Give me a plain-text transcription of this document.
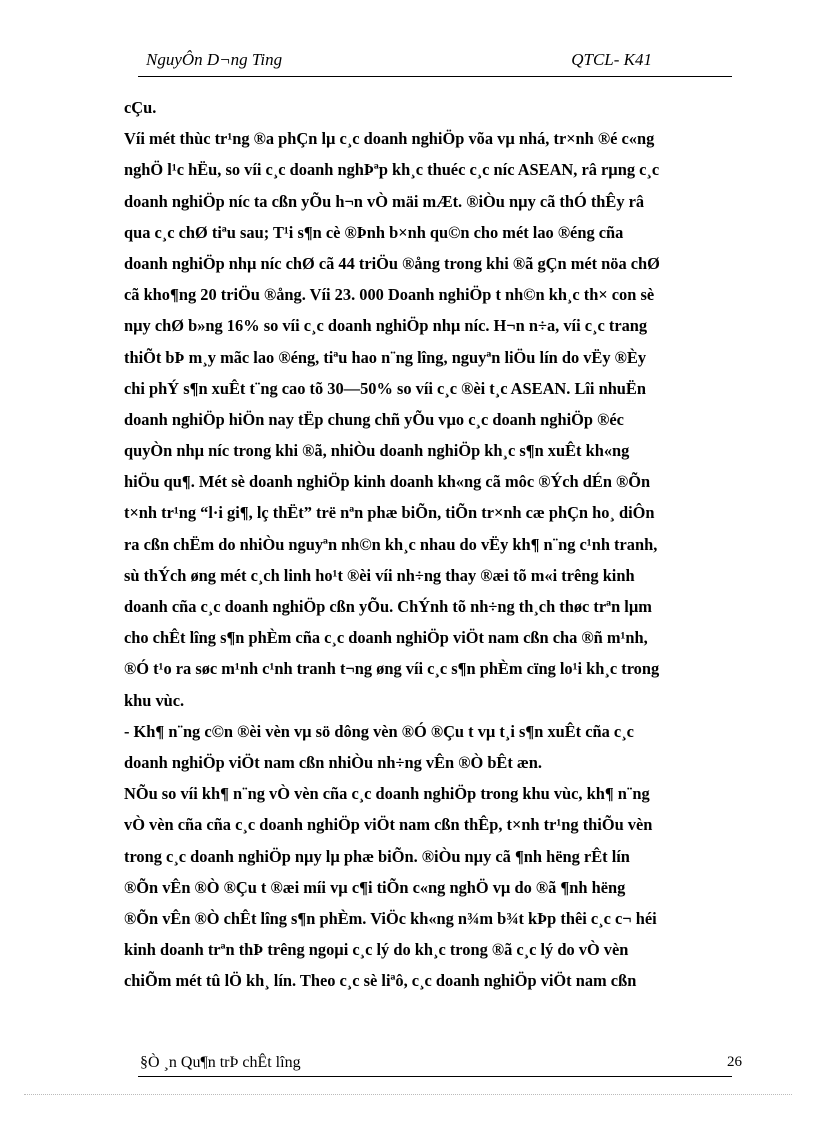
NguyÔn D¬ng Ting	QTCL- K41
cÇu.
Víi mét thùc tr¹ng ®a phÇn lµ c¸c doanh nghiÖp võa vµ nhá, tr×nh ®é c«ng
nghÖ l¹c hËu, so víi c¸c doanh nghÞªp kh¸c thuéc c¸c níc ASEAN, râ rµng c¸c
doanh nghiÖp níc ta cßn yÕu h¬n vÒ mäi mÆt. ®iÒu nµy cã thÓ thÊy râ
qua c¸c chØ tiªu sau; T¹i s¶n cè ®Þnh b×nh qu©n cho mét lao ®éng cña
doanh nghiÖp nhµ níc chØ cã 44 triÖu ®ång trong khi ®ã gÇn mét nöa chØ
cã kho¶ng 20 triÖu ®ång. Víi 23. 000 Doanh nghiÖp t nh©n kh¸c th× con sè
nµy chØ b»ng 16% so víi c¸c doanh nghiÖp nhµ níc. H¬n n÷a, víi c¸c trang
thiÕt bÞ m¸y mãc lao ®éng, tiªu hao n¨ng lîng, nguyªn liÖu lín do vËy ®Èy
chi phÝ s¶n xuÊt t¨ng cao tõ 30—50% so víi c¸c ®èi t¸c ASEAN. Lîi nhuËn
doanh nghiÖp hiÖn nay tËp chung chñ yÕu vµo c¸c doanh nghiÖp ®éc
quyÒn nhµ níc trong khi ®ã, nhiÒu doanh nghiÖp kh¸c s¶n xuÊt kh«ng
hiÖu qu¶. Mét sè doanh nghiÖp kinh doanh kh«ng cã môc ®Ých dÉn ®Õn
t×nh tr¹ng “l·i gi¶, lç thËt” trë nªn phæ biÕn, tiÕn tr×nh cæ phÇn ho¸ diÔn
ra cßn chËm do nhiÒu nguyªn nh©n kh¸c nhau do vËy kh¶ n¨ng c¹nh tranh,
sù thÝch øng mét c¸ch linh ho¹t ®èi víi nh÷ng thay ®æi tõ m«i trêng kinh
doanh cña c¸c doanh nghiÖp cßn yÕu. ChÝnh tõ nh÷ng th¸ch thøc trªn lµm
cho chÊt lîng s¶n phÈm cña c¸c doanh nghiÖp viÖt nam cßn cha ®ñ m¹nh,
®Ó t¹o ra søc m¹nh c¹nh tranh t¬ng øng víi c¸c s¶n phÈm cïng lo¹i kh¸c trong
khu vùc.
- Kh¶ n¨ng c©n ®èi vèn vµ sö dông vèn ®Ó ®Çu t vµ t¸i s¶n xuÊt cña c¸c
doanh nghiÖp viÖt nam cßn nhiÒu nh÷ng vÊn ®Ò bÊt æn.
NÕu so víi kh¶ n¨ng vÒ vèn cña c¸c doanh nghiÖp trong khu vùc, kh¶ n¨ng
vÒ vèn cña cña c¸c doanh nghiÖp viÖt nam cßn thÊp, t×nh tr¹ng thiÕu vèn
trong c¸c doanh nghiÖp nµy lµ phæ biÕn. ®iÒu nµy cã ¶nh hëng rÊt lín
®Õn vÊn ®Ò ®Çu t ®æi míi vµ c¶i tiÕn c«ng nghÖ vµ do ®ã ¶nh hëng
®Õn vÊn ®Ò chÊt lîng s¶n phÈm. ViÖc kh«ng n¾m b¾t kÞp thêi c¸c c¬ héi
kinh doanh trªn thÞ trêng ngoµi c¸c lý do kh¸c trong ®ã c¸c lý do vÒ vèn
chiÕm mét tû lÖ kh¸ lín. Theo c¸c sè liªô, c¸c doanh nghiÖp viÖt nam cßn
§Ò ¸n Qu¶n trÞ chÊt lîng	26
